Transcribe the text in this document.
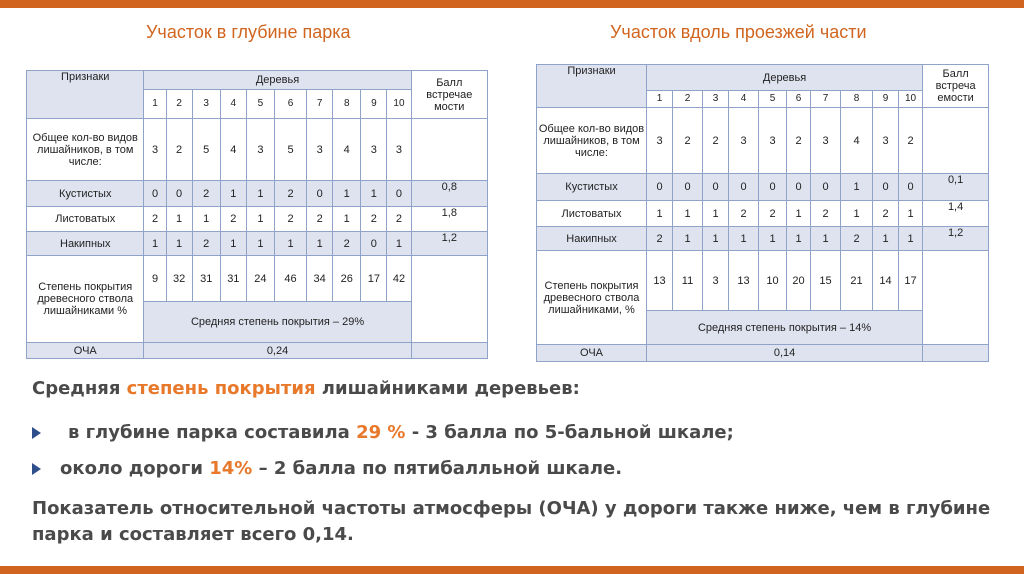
Участок в глубине парка	Участок вдоль проезжей части
Признаки	Деревья										Балл встречае мости
	1	2	3	4	5	6	7	8	9	10	
Общее кол-во видов лишайников, в том числе:	3	2	5	4	3	5	3	4	3	3	
Кустистых	0	0	2	1	1	2	0	1	1	0	0,8
Листоватых	2	1	1	2	1	2	2	1	2	2	1,8
Накипных	1	1	2	1	1	1	1	2	0	1	1,2
Степень покрытия древесного ствола лишайниками %	9	32	31	31	24	46	34	26	17	42	
	Средняя степень покрытия – 29%										
ОЧА	0,24										
Признаки	Деревья										Балл встреча емости
	1	2	3	4	5	6	7	8	9	10	
Общее кол-во видов лишайников, в том числе:	3	2	2	3	3	2	3	4	3	2	
Кустистых	0	0	0	0	0	0	0	1	0	0	0,1
Листоватых	1	1	1	2	2	1	2	1	2	1	1,4
Накипных	2	1	1	1	1	1	1	2	1	1	1,2
Степень покрытия древесного ствола лишайниками, %	13	11	3	13	10	20	15	21	14	17	
	Средняя степень покрытия – 14%										
ОЧА	0,14										

Средняя степень покрытия лишайниками деревьев:

в глубине парка составила 29 % - 3 балла по 5-бальной шкале;

около дороги 14% – 2 балла по пятибалльной шкале.

Показатель относительной частоты атмосферы (ОЧА) у дороги также ниже, чем в глубине парка и составляет всего 0,14.
